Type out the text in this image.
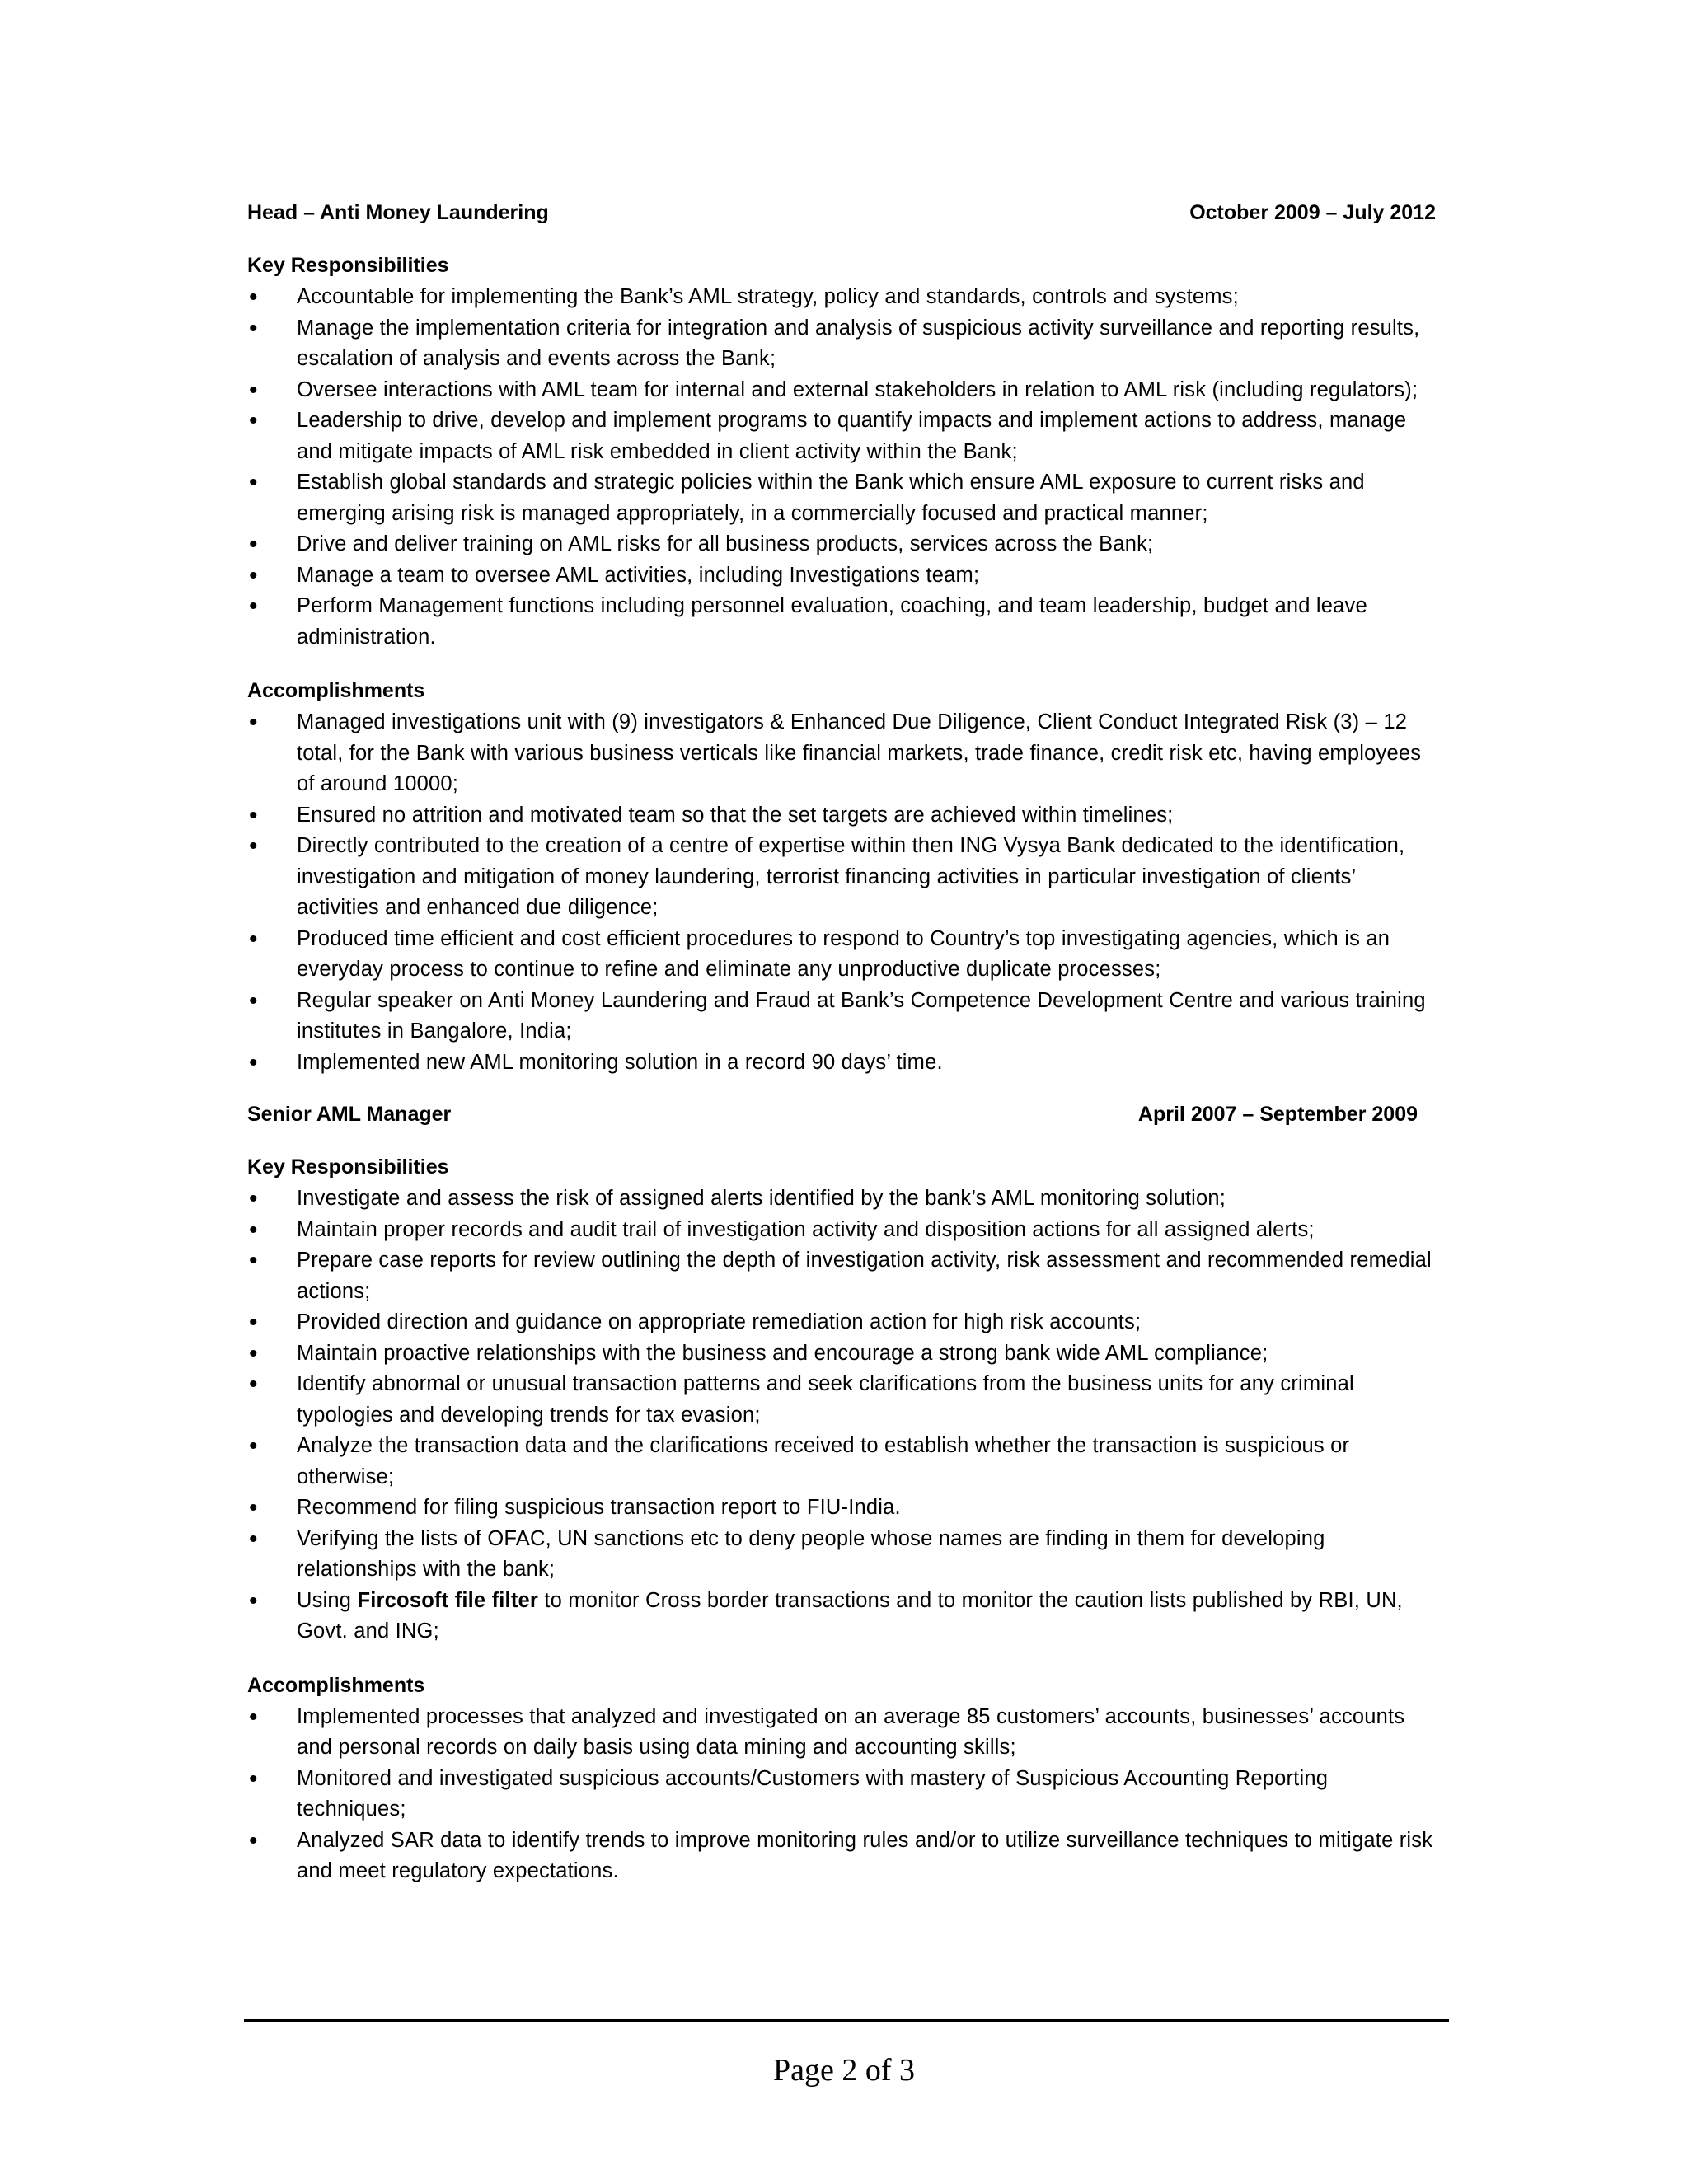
Head – Anti Money Laundering	October 2009 – July 2012
Key Responsibilities
• Accountable for implementing the Bank’s AML strategy, policy and standards, controls and systems;
• Manage the implementation criteria for integration and analysis of suspicious activity surveillance and reporting results, escalation of analysis and events across the Bank;
• Oversee interactions with AML team for internal and external stakeholders in relation to AML risk (including regulators);
• Leadership to drive, develop and implement programs to quantify impacts and implement actions to address, manage and mitigate impacts of AML risk embedded in client activity within the Bank;
• Establish global standards and strategic policies within the Bank which ensure AML exposure to current risks and emerging arising risk is managed appropriately, in a commercially focused and practical manner;
• Drive and deliver training on AML risks for all business products, services across the Bank;
• Manage a team to oversee AML activities, including Investigations team;
• Perform Management functions including personnel evaluation, coaching, and team leadership, budget and leave administration.
Accomplishments
• Managed investigations unit with (9) investigators & Enhanced Due Diligence, Client Conduct Integrated Risk (3) – 12 total, for the Bank with various business verticals like financial markets, trade finance, credit risk etc, having employees of around 10000;
• Ensured no attrition and motivated team so that the set targets are achieved within timelines;
• Directly contributed to the creation of a centre of expertise within then ING Vysya Bank dedicated to the identification, investigation and mitigation of money laundering, terrorist financing activities in particular investigation of clients’ activities and enhanced due diligence;
• Produced time efficient and cost efficient procedures to respond to Country’s top investigating agencies, which is an everyday process to continue to refine and eliminate any unproductive duplicate processes;
• Regular speaker on Anti Money Laundering and Fraud at Bank’s Competence Development Centre and various training institutes in Bangalore, India;
• Implemented new AML monitoring solution in a record 90 days’ time.
Senior AML Manager	April 2007 – September 2009
Key Responsibilities
• Investigate and assess the risk of assigned alerts identified by the bank’s AML monitoring solution;
• Maintain proper records and audit trail of investigation activity and disposition actions for all assigned alerts;
• Prepare case reports for review outlining the depth of investigation activity, risk assessment and recommended remedial actions;
• Provided direction and guidance on appropriate remediation action for high risk accounts;
• Maintain proactive relationships with the business and encourage a strong bank wide AML compliance;
• Identify abnormal or unusual transaction patterns and seek clarifications from the business units for any criminal typologies and developing trends for tax evasion;
• Analyze the transaction data and the clarifications received to establish whether the transaction is suspicious or otherwise;
• Recommend for filing suspicious transaction report to FIU-India.
• Verifying the lists of OFAC, UN sanctions etc to deny people whose names are finding in them for developing relationships with the bank;
• Using Fircosoft file filter to monitor Cross border transactions and to monitor the caution lists published by RBI, UN, Govt. and ING;
Accomplishments
• Implemented processes that analyzed and investigated on an average 85 customers’ accounts, businesses’ accounts and personal records on daily basis using data mining and accounting skills;
• Monitored and investigated suspicious accounts/Customers with mastery of Suspicious Accounting Reporting techniques;
• Analyzed SAR data to identify trends to improve monitoring rules and/or to utilize surveillance techniques to mitigate risk and meet regulatory expectations.
Page 2 of 3
